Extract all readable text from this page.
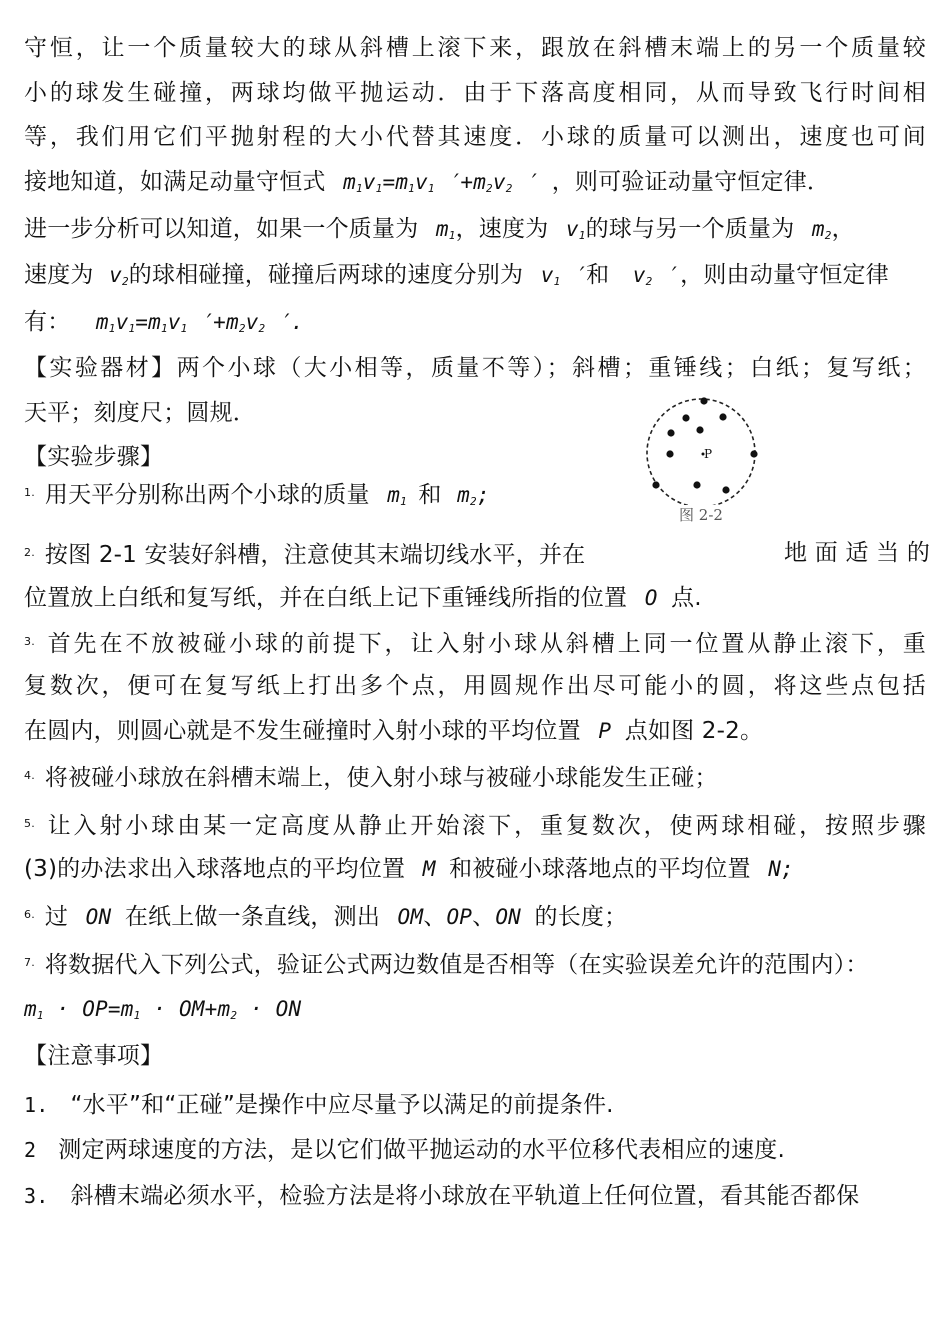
守恒，让一个质量较大的球从斜槽上滚下来，跟放在斜槽末端上的另一个质量较
小的球发生碰撞，两球均做平抛运动．由于下落高度相同，从而导致飞行时间相
等，我们用它们平抛射程的大小代替其速度．小球的质量可以测出，速度也可间
接地知道，如满足动量守恒式 $m_1v_1=m_1v_1$ $'+m_2v_2$ ′ ，则可验证动量守恒定律．
进一步分析可以知道，如果一个质量为 $m_1$，速度为 $v_1$的球与另一个质量为 $m_2$，
速度为 $v_2$的球相碰撞，碰撞后两球的速度分别为 $v_1$ ′和 $v_2$ ′，则由动量守恒定律
有： $m_1v_1=m_1v_1$ $'+m_2v_2$ ′.
【实验器材】两个小球（大小相等，质量不等）；斜槽；重锤线；白纸；复写纸；
天平；刻度尺；圆规．
【实验步骤】	P
图 2-2
$^{1.}$ 用天平分别称出两个小球的质量 $m_1$ 和 $m_2$;
$^{2.}$ 按图 2-1 安装好斜槽，注意使其末端切线水平，并在	地 面 适 当 的
位置放上白纸和复写纸，并在白纸上记下重锤线所指的位置 O 点.
$^{3.}$ 首先在不放被碰小球的前提下，让入射小球从斜槽上同一位置从静止滚下，重
复数次，便可在复写纸上打出多个点，用圆规作出尽可能小的圆，将这些点包括
在圆内，则圆心就是不发生碰撞时入射小球的平均位置 P 点如图 2-2。
$^{4.}$ 将被碰小球放在斜槽末端上，使入射小球与被碰小球能发生正碰；
$^{5.}$ 让入射小球由某一定高度从静止开始滚下，重复数次，使两球相碰，按照步骤
(3)的办法求出入球落地点的平均位置 M 和被碰小球落地点的平均位置 N;
$^{6.}$ 过 ON 在纸上做一条直线，测出 OM、OP、ON 的长度；
$^{7.}$ 将数据代入下列公式，验证公式两边数值是否相等（在实验误差允许的范围内）：
$m_1 \cdot OP=m_1 \cdot OM+m_2$ · ON
【注意事项】
1. “水平”和“正碰”是操作中应尽量予以满足的前提条件.
2 测定两球速度的方法，是以它们做平抛运动的水平位移代表相应的速度.
3. 斜槽末端必须水平，检验方法是将小球放在平轨道上任何位置，看其能否都保
